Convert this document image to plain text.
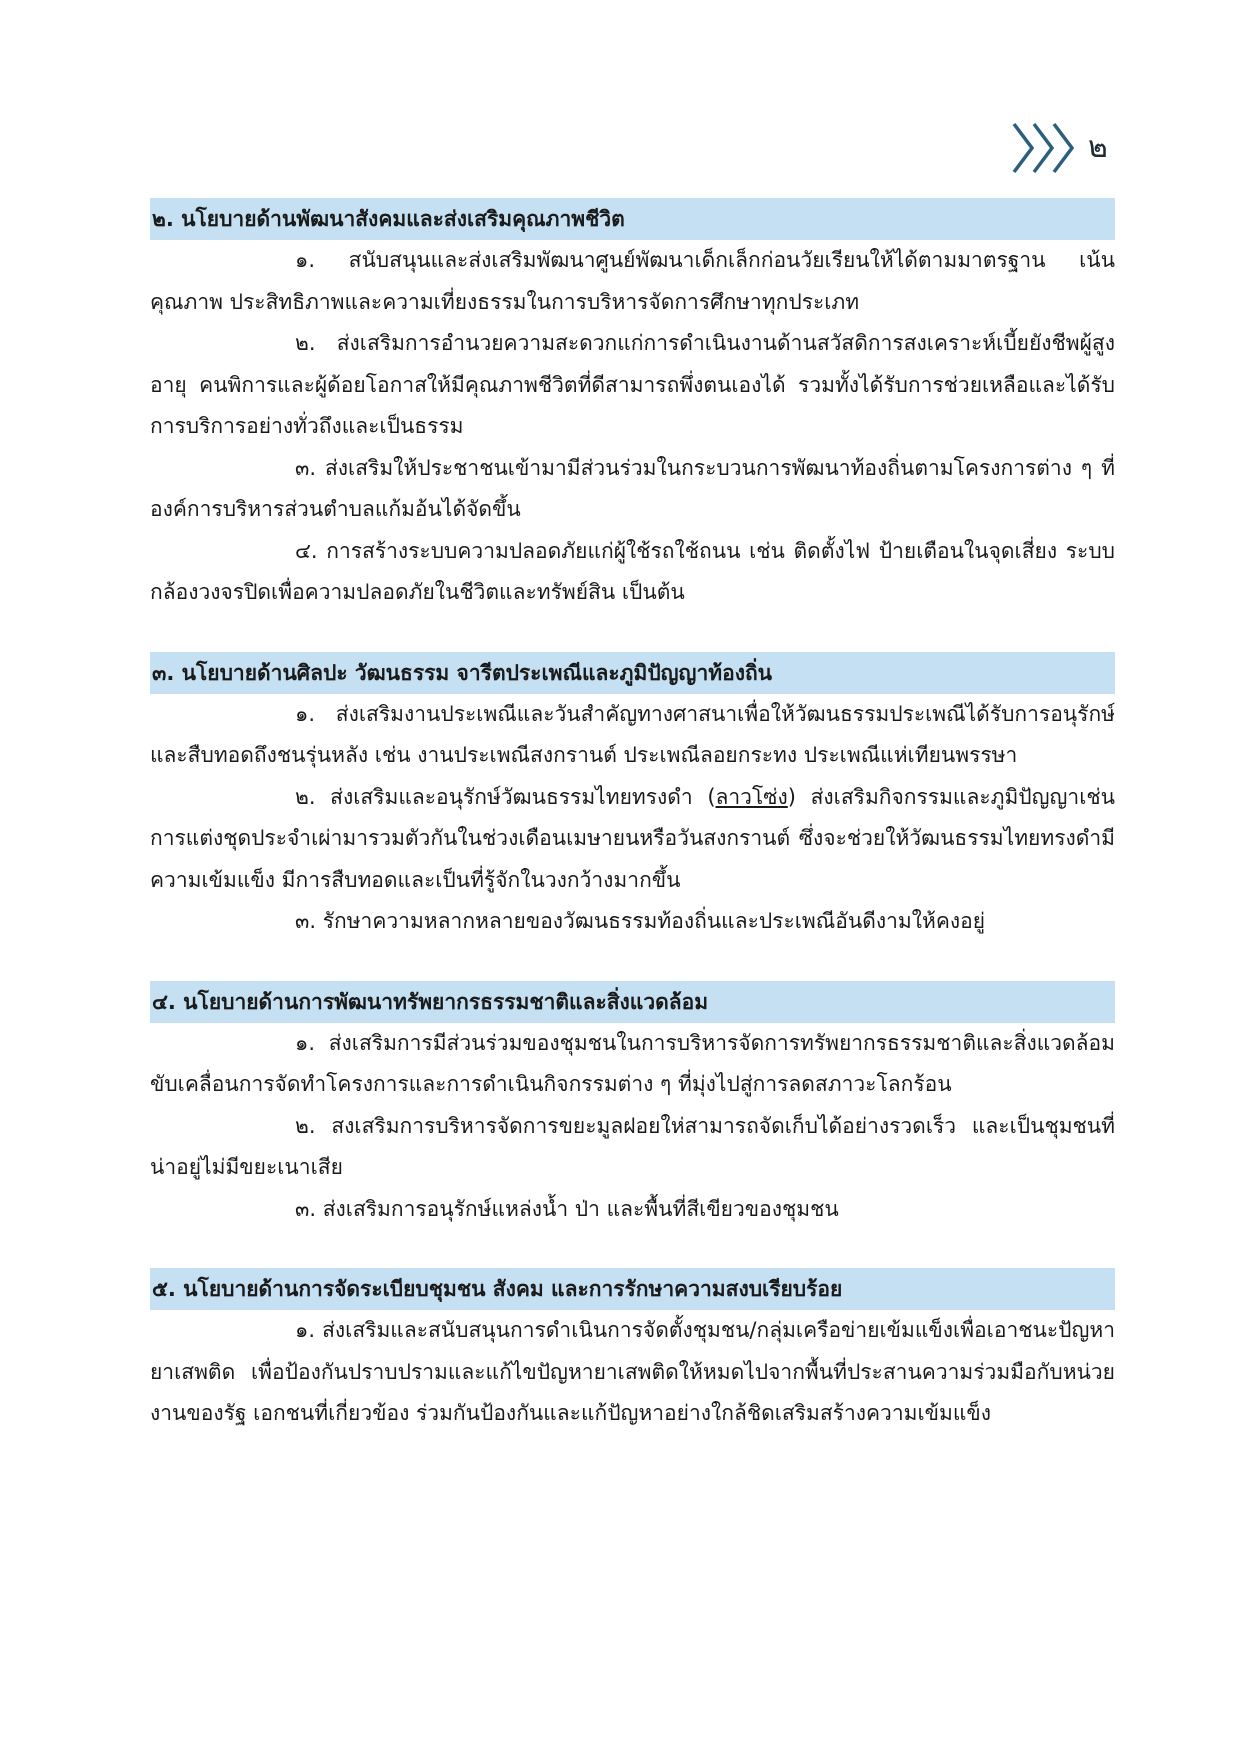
๒
๒. นโยบายด้านพัฒนาสังคมและส่งเสริมคุณภาพชีวิต

๑. สนับสนุนและส่งเสริมพัฒนาศูนย์พัฒนาเด็กเล็กก่อนวัยเรียนให้ได้ตามมาตรฐาน เน้นคุณภาพ ประสิทธิภาพและความเที่ยงธรรมในการบริหารจัดการศึกษาทุกประเภท

๒. ส่งเสริมการอำนวยความสะดวกแก่การดำเนินงานด้านสวัสดิการสงเคราะห์เบี้ยยังชีพผู้สูงอายุ คนพิการและผู้ด้อยโอกาสให้มีคุณภาพชีวิตที่ดีสามารถพึ่งตนเองได้ รวมทั้งได้รับการช่วยเหลือและได้รับการบริการอย่างทั่วถึงและเป็นธรรม

๓. ส่งเสริมให้ประชาชนเข้ามามีส่วนร่วมในกระบวนการพัฒนาท้องถิ่นตามโครงการต่าง ๆ ที่องค์การบริหารส่วนตำบลแก้มอ้นได้จัดขึ้น

๔. การสร้างระบบความปลอดภัยแก่ผู้ใช้รถใช้ถนน เช่น ติดตั้งไฟ ป้ายเตือนในจุดเสี่ยง ระบบกล้องวงจรปิดเพื่อความปลอดภัยในชีวิตและทรัพย์สิน เป็นต้น

๓. นโยบายด้านศิลปะ วัฒนธรรม จารีตประเพณีและภูมิปัญญาท้องถิ่น

๑. ส่งเสริมงานประเพณีและวันสำคัญทางศาสนาเพื่อให้วัฒนธรรมประเพณีได้รับการอนุรักษ์และสืบทอดถึงชนรุ่นหลัง เช่น งานประเพณีสงกรานต์ ประเพณีลอยกระทง ประเพณีแห่เทียนพรรษา

๒. ส่งเสริมและอนุรักษ์วัฒนธรรมไทยทรงดำ (ลาวโซ่ง) ส่งเสริมกิจกรรมและภูมิปัญญาเช่น การแต่งชุดประจำเผ่ามารวมตัวกันในช่วงเดือนเมษายนหรือวันสงกรานต์ ซึ่งจะช่วยให้วัฒนธรรมไทยทรงดำมีความเข้มแข็ง มีการสืบทอดและเป็นที่รู้จักในวงกว้างมากขึ้น

๓. รักษาความหลากหลายของวัฒนธรรมท้องถิ่นและประเพณีอันดีงามให้คงอยู่

๔. นโยบายด้านการพัฒนาทรัพยากรธรรมชาติและสิ่งแวดล้อม

๑. ส่งเสริมการมีส่วนร่วมของชุมชนในการบริหารจัดการทรัพยากรธรรมชาติและสิ่งแวดล้อม ขับเคลื่อนการจัดทำโครงการและการดำเนินกิจกรรมต่าง ๆ ที่มุ่งไปสู่การลดสภาวะโลกร้อน

๒. สงเสริมการบริหารจัดการขยะมูลฝอยให่สามารถจัดเก็บได้อย่างรวดเร็ว และเป็นชุมชนที่น่าอยู่ไม่มีขยะเนาเสีย

๓. ส่งเสริมการอนุรักษ์แหล่งน้ำ ป่า และพื้นที่สีเขียวของชุมชน

๕. นโยบายด้านการจัดระเบียบชุมชน สังคม และการรักษาความสงบเรียบร้อย

๑. ส่งเสริมและสนับสนุนการดำเนินการจัดตั้งชุมชน/กลุ่มเครือข่ายเข้มแข็งเพื่อเอาชนะปัญหายาเสพติด เพื่อป้องกันปราบปรามและแก้ไขปัญหายาเสพติดให้หมดไปจากพื้นที่ประสานความร่วมมือกับหน่วยงานของรัฐ เอกชนที่เกี่ยวข้อง ร่วมกันป้องกันและแก้ปัญหาอย่างใกล้ชิดเสริมสร้างความเข้มแข็ง
